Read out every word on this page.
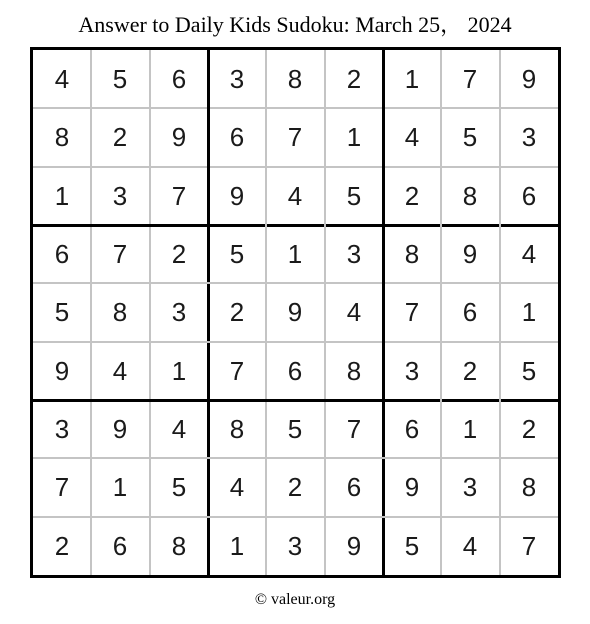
Answer to Daily Kids Sudoku: March 25， 2024
4	5	6	3	8	2	1	7	9
8	2	9	6	7	1	4	5	3
1	3	7	9	4	5	2	8	6
6	7	2	5	1	3	8	9	4
5	8	3	2	9	4	7	6	1
9	4	1	7	6	8	3	2	5
3	9	4	8	5	7	6	1	2
7	1	5	4	2	6	9	3	8
2	6	8	1	3	9	5	4	7
© valeur.org
